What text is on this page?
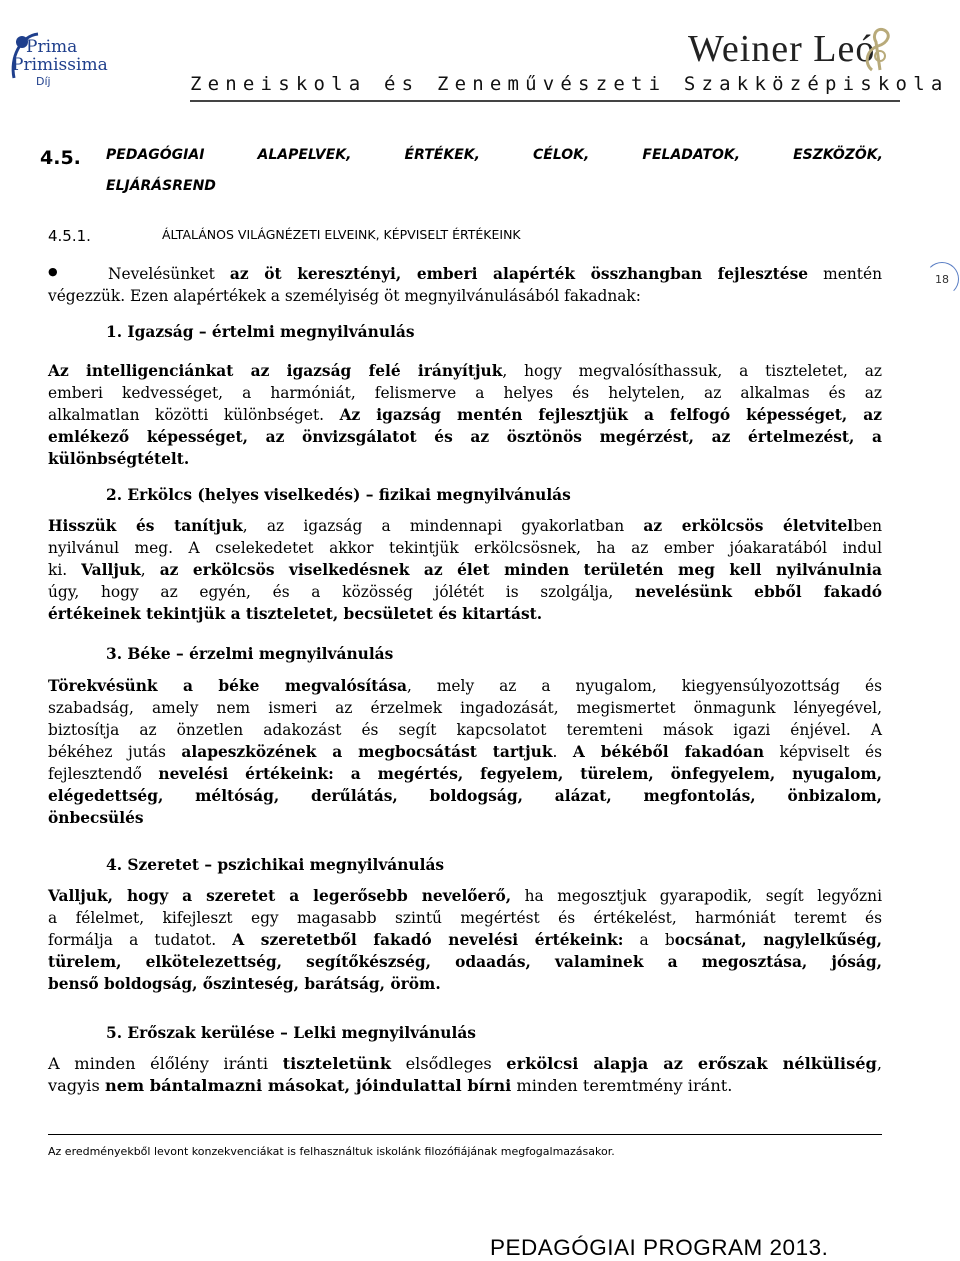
Prima
Primissima
Díj
Weiner Leó
Zeneiskola és Zeneművészeti Szakközépiskola
4.5. PEDAGÓGIAI	ALAPELVEK,	ÉRTÉKEK,	CÉLOK,	FELADATOK,	ESZKÖZÖK,
ELJÁRÁSREND
4.5.1.	ÁLTALÁNOS VILÁGNÉZETI ELVEINK, KÉPVISELT ÉRTÉKEINK
18
●	Nevelésünket az öt keresztényi, emberi alapérték összhangban fejlesztése mentén
végezzük. Ezen alapértékek a személyiség öt megnyilvánulásából fakadnak:
1. Igazság – értelmi megnyilvánulás
Az intelligenciánkat az igazság felé irányítjuk, hogy megvalósíthassuk, a tiszteletet, az
emberi kedvességet, a harmóniát, felismerve a helyes és helytelen, az alkalmas és az
alkalmatlan közötti különbséget. Az igazság mentén fejlesztjük a felfogó képességet, az
emlékező képességet, az önvizsgálatot és az ösztönös megérzést, az értelmezést, a
különbségtételt.
2. Erkölcs (helyes viselkedés) – fizikai megnyilvánulás
Hisszük és tanítjuk, az igazság a mindennapi gyakorlatban az erkölcsös életvitelben
nyilvánul meg. A cselekedetet akkor tekintjük erkölcsösnek, ha az ember jóakaratából indul
ki. Valljuk, az erkölcsös viselkedésnek az élet minden területén meg kell nyilvánulnia
úgy, hogy az egyén, és a közösség jólétét is szolgálja, nevelésünk ebből fakadó
értékeinek tekintjük a tiszteletet, becsületet és kitartást.
3. Béke – érzelmi megnyilvánulás
Törekvésünk a béke megvalósítása, mely az a nyugalom, kiegyensúlyozottság és
szabadság, amely nem ismeri az érzelmek ingadozását, megismertet önmagunk lényegével,
biztosítja az önzetlen adakozást és segít kapcsolatot teremteni mások igazi énjével. A
békéhez jutás alapeszközének a megbocsátást tartjuk. A békéből fakadóan képviselt és
fejlesztendő nevelési értékeink: a megértés, fegyelem, türelem, önfegyelem, nyugalom,
elégedettség, méltóság, derűlátás, boldogság, alázat, megfontolás, önbizalom,
önbecsülés
4. Szeretet – pszichikai megnyilvánulás
Valljuk, hogy a szeretet a legerősebb nevelőerő, ha megosztjuk gyarapodik, segít legyőzni
a félelmet, kifejleszt egy magasabb szintű megértést és értékelést, harmóniát teremt és
formálja a tudatot. A szeretetből fakadó nevelési értékeink: a bocsánat, nagylelkűség,
türelem, elkötelezettség, segítőkészség, odaadás, valaminek a megosztása, jóság,
benső boldogság, őszinteség, barátság, öröm.
5. Erőszak kerülése – Lelki megnyilvánulás
A minden élőlény iránti tiszteletünk elsődleges erkölcsi alapja az erőszak nélküliség,
vagyis nem bántalmazni másokat, jóindulattal bírni minden teremtmény iránt.
Az eredményekből levont konzekvenciákat is felhasználtuk iskolánk filozófiájának megfogalmazásakor.
PEDAGÓGIAI PROGRAM 2013.
